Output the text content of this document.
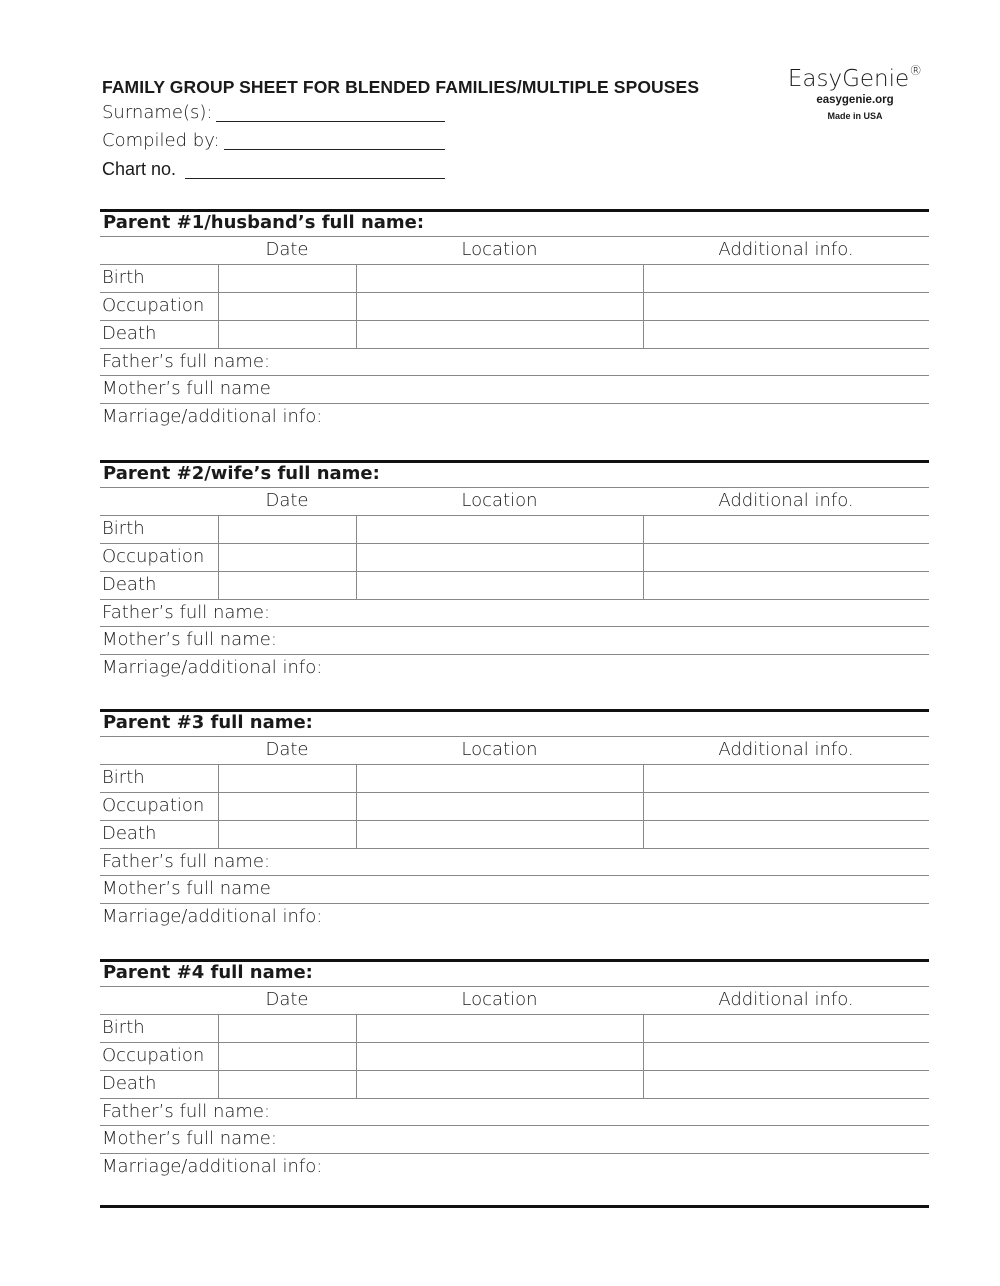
FAMILY GROUP SHEET FOR BLENDED FAMILIES/MULTIPLE SPOUSES
Surname(s):
Compiled by:
Chart no.
EasyGenie®
easygenie.org
Made in USA
Parent #1/husband’s full name:
Date	Location	Additional info.
Birth
Occupation
Death
Father’s full name:
Mother’s full name
Marriage/additional info:
Parent #2/wife’s full name:
Date	Location	Additional info.
Birth
Occupation
Death
Father’s full name:
Mother’s full name:
Marriage/additional info:
Parent #3 full name:
Date	Location	Additional info.
Birth
Occupation
Death
Father’s full name:
Mother’s full name
Marriage/additional info:
Parent #4 full name:
Date	Location	Additional info.
Birth
Occupation
Death
Father’s full name:
Mother’s full name:
Marriage/additional info:
